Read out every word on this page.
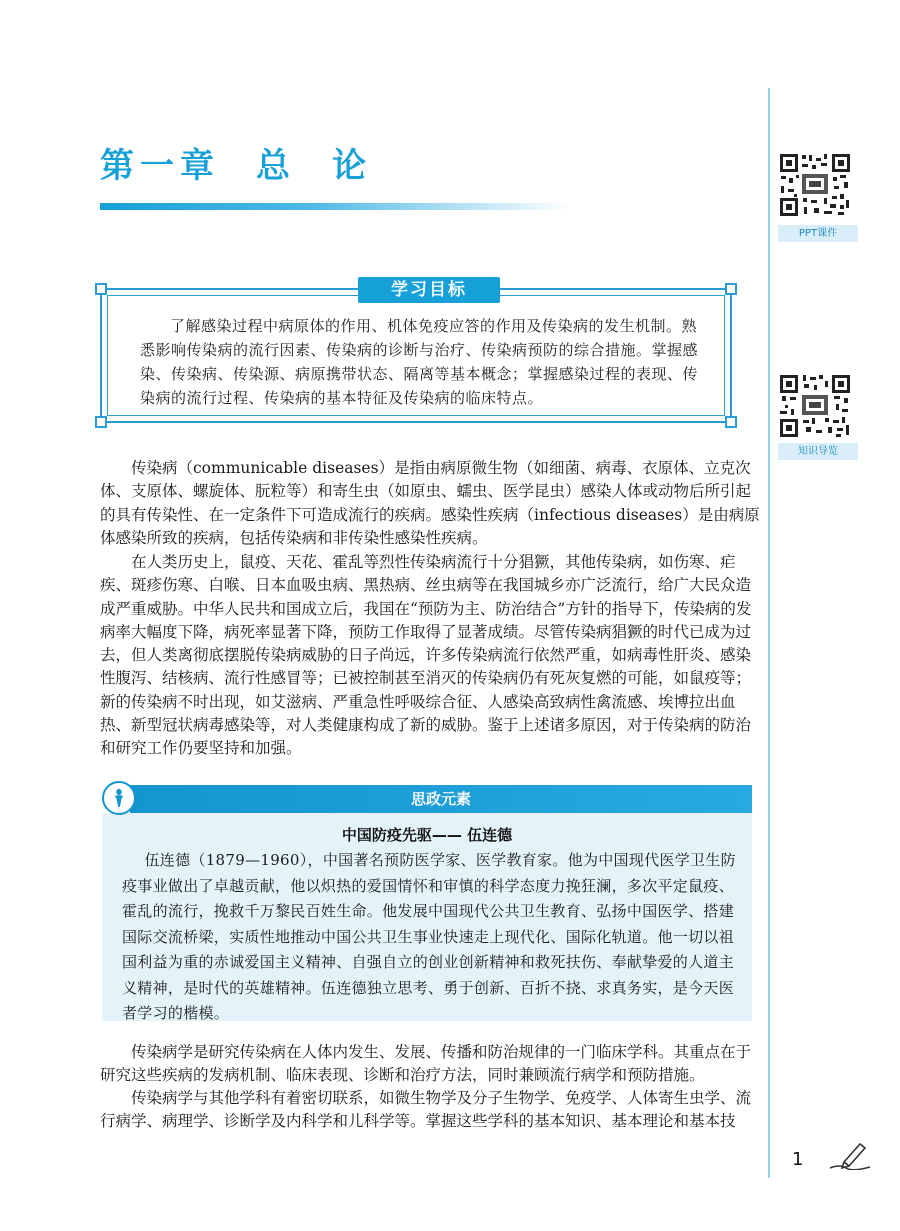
第一章 总 论
PPT课件
知识导览
学习目标

了解感染过程中病原体的作用、机体免疫应答的作用及传染病的发生机制。熟悉影响传染病的流行因素、传染病的诊断与治疗、传染病预防的综合措施。掌握感染、传染病、传染源、病原携带状态、隔离等基本概念；掌握感染过程的表现、传染病的流行过程、传染病的基本特征及传染病的临床特点。

传染病（communicable diseases）是指由病原微生物（如细菌、病毒、衣原体、立克次体、支原体、螺旋体、朊粒等）和寄生虫（如原虫、蠕虫、医学昆虫）感染人体或动物后所引起的具有传染性、在一定条件下可造成流行的疾病。感染性疾病（infectious diseases）是由病原体感染所致的疾病，包括传染病和非传染性感染性疾病。

在人类历史上，鼠疫、天花、霍乱等烈性传染病流行十分猖獗，其他传染病，如伤寒、疟疾、斑疹伤寒、白喉、日本血吸虫病、黑热病、丝虫病等在我国城乡亦广泛流行，给广大民众造成严重威胁。中华人民共和国成立后，我国在“预防为主、防治结合”方针的指导下，传染病的发病率大幅度下降，病死率显著下降，预防工作取得了显著成绩。尽管传染病猖獗的时代已成为过去，但人类离彻底摆脱传染病威胁的日子尚远，许多传染病流行依然严重，如病毒性肝炎、感染性腹泻、结核病、流行性感冒等；已被控制甚至消灭的传染病仍有死灰复燃的可能，如鼠疫等；新的传染病不时出现，如艾滋病、严重急性呼吸综合征、人感染高致病性禽流感、埃博拉出血热、新型冠状病毒感染等，对人类健康构成了新的威胁。鉴于上述诸多原因，对于传染病的防治和研究工作仍要坚持和加强。

思政元素
中国防疫先驱—— 伍连德

伍连德（1879—1960），中国著名预防医学家、医学教育家。他为中国现代医学卫生防疫事业做出了卓越贡献，他以炽热的爱国情怀和审慎的科学态度力挽狂澜，多次平定鼠疫、霍乱的流行，挽救千万黎民百姓生命。他发展中国现代公共卫生教育、弘扬中国医学、搭建国际交流桥梁，实质性地推动中国公共卫生事业快速走上现代化、国际化轨道。他一切以祖国利益为重的赤诚爱国主义精神、自强自立的创业创新精神和救死扶伤、奉献挚爱的人道主义精神，是时代的英雄精神。伍连德独立思考、勇于创新、百折不挠、求真务实，是今天医者学习的楷模。

传染病学是研究传染病在人体内发生、发展、传播和防治规律的一门临床学科。其重点在于研究这些疾病的发病机制、临床表现、诊断和治疗方法，同时兼顾流行病学和预防措施。

传染病学与其他学科有着密切联系，如微生物学及分子生物学、免疫学、人体寄生虫学、流行病学、病理学、诊断学及内科学和儿科学等。掌握这些学科的基本知识、基本理论和基本技

1
